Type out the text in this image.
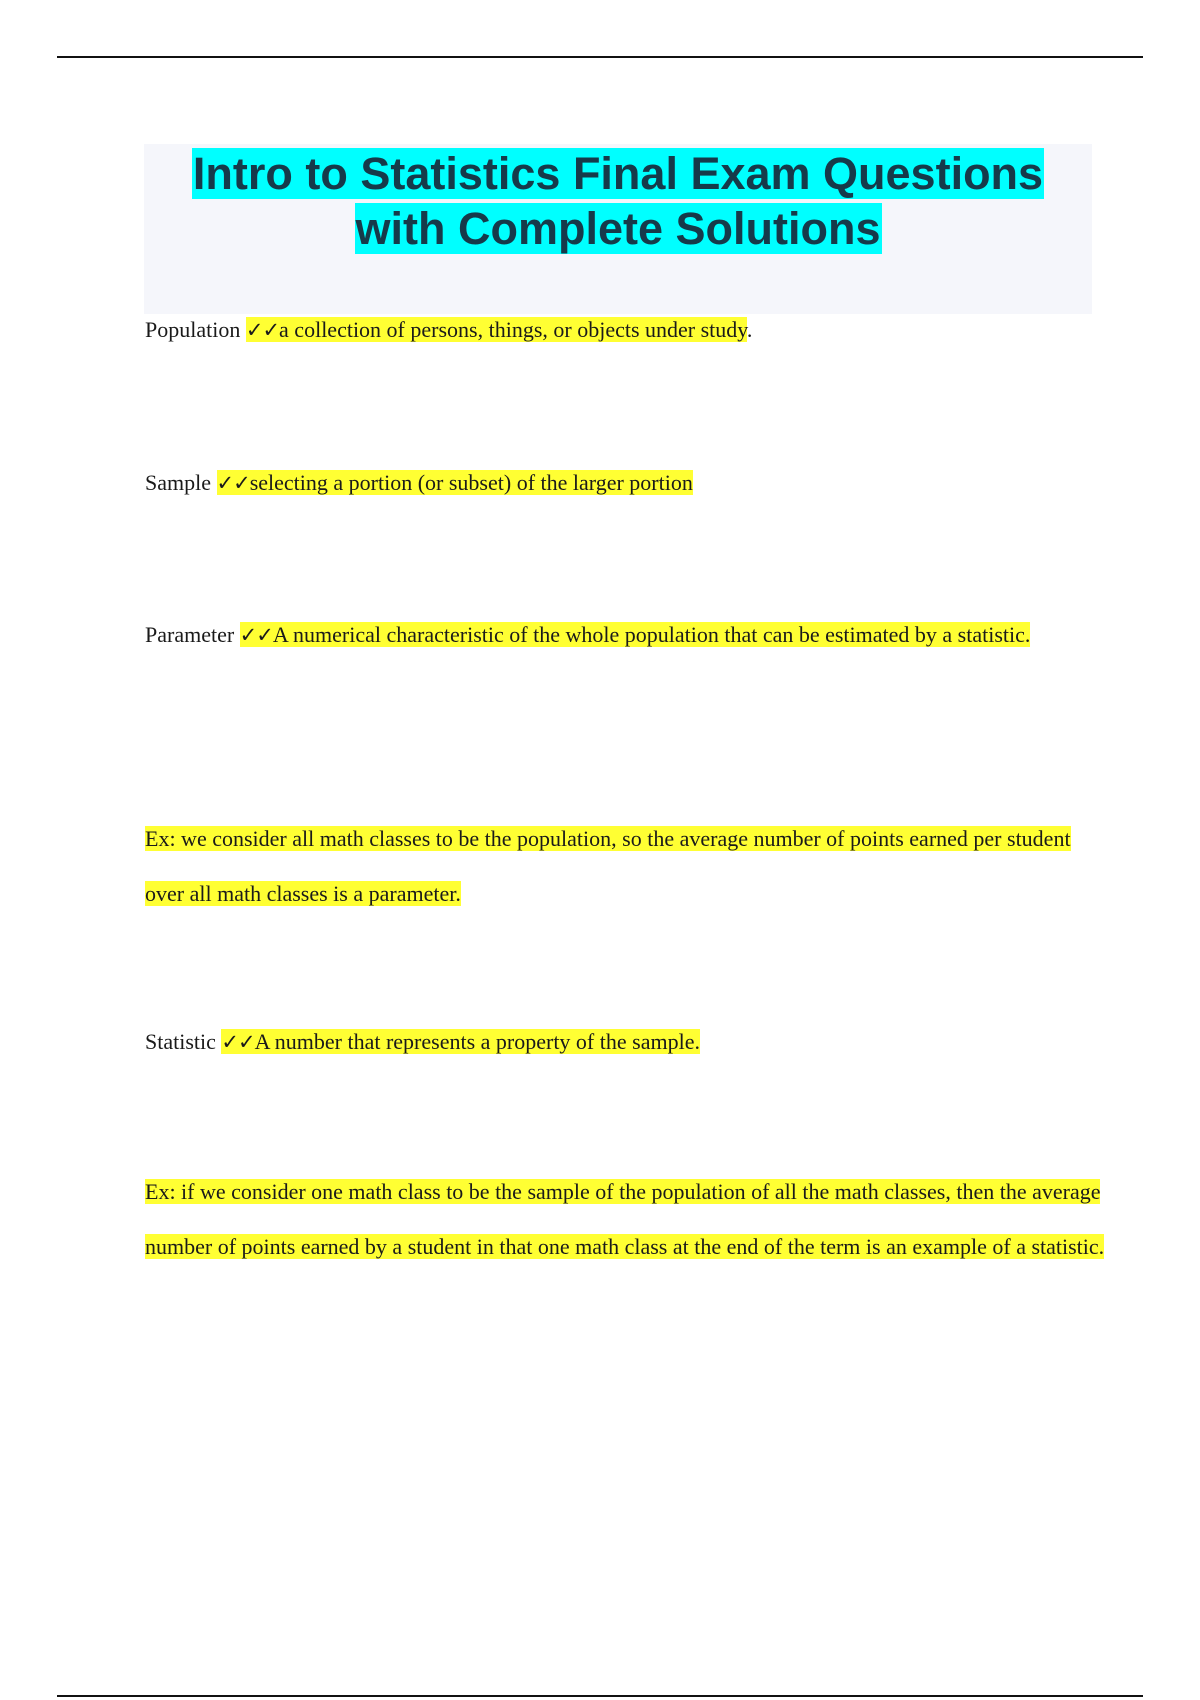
Intro to Statistics Final Exam Questions
with Complete Solutions

Population ✓✓a collection of persons, things, or objects under study.

Sample ✓✓selecting a portion (or subset) of the larger portion

Parameter ✓✓A numerical characteristic of the whole population that can be estimated by a statistic.

Ex: we consider all math classes to be the population, so the average number of points earned per student over all math classes is a parameter.

Statistic ✓✓A number that represents a property of the sample.

Ex: if we consider one math class to be the sample of the population of all the math classes, then the average number of points earned by a student in that one math class at the end of the term is an example of a statistic.
